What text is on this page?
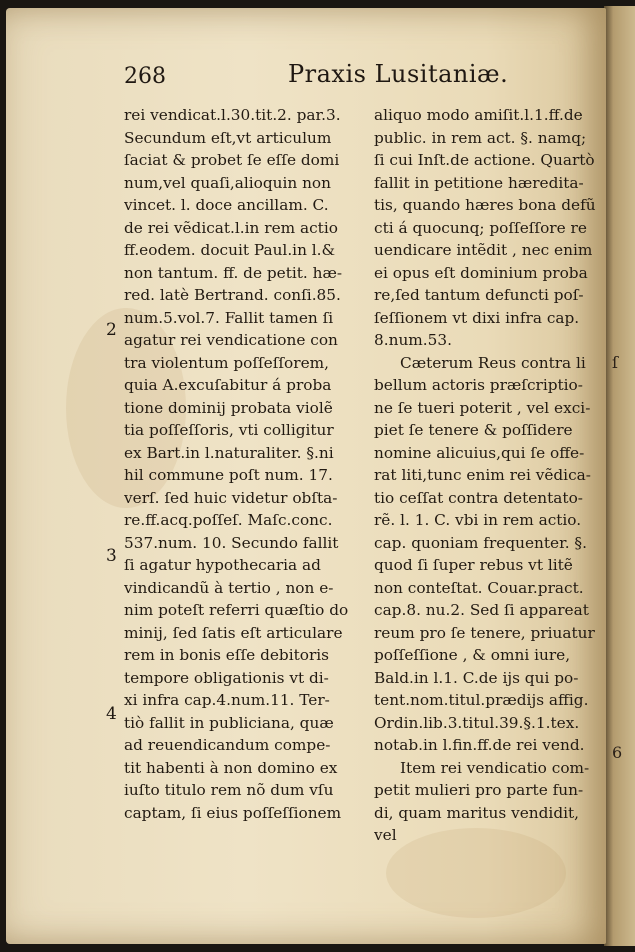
ſ
6
268	Praxis Lusitaniæ.
2
3
4
rei vendicat.l.30.tit.2. par.3.
Secundum eſt,vt articulum
ſaciat & probet ſe eſſe domi
num,vel quaſi,alioquin non
vincet. l. doce ancillam. C.
de rei vẽdicat.l.in rem actio
ff.eodem. docuit Paul.in l.&
non tantum. ff. de petit. hæ-
red. latè Bertrand. conſi.85.
num.5.vol.7. Fallit tamen ſi
agatur rei vendicatione con
tra violentum poſſeſſorem,
quia A.excuſabitur á proba
tione dominij probata violẽ
tia poſſeſſoris, vti colligitur
ex Bart.in l.naturaliter. §.ni
hil commune poſt num. 17.
verſ. ſed huic videtur obſta-
re.ff.acq.poſſeſ. Maſc.conc.
537.num. 10. Secundo fallit
ſi agatur hypothecaria ad
vindicandũ à tertio , non e-
nim poteſt referri quæſtio do
minij, ſed ſatis eſt articulare
rem in bonis eſſe debitoris
tempore obligationis vt di-
xi infra cap.4.num.11. Ter-
tiò fallit in publiciana, quæ
ad reuendicandum compe-
tit habenti à non domino ex
iuſto titulo rem nõ dum vſu
captam, ſi eius poſſeſſionem
aliquo modo amiſit.l.1.ff.de
public. in rem act. §. namq;
ſi cui Inſt.de actione. Quartò
fallit in petitione hæredita-
tis, quando hæres bona defũ
cti á quocunq; poſſeſſore re
uendicare intẽdit , nec enim
ei opus eſt dominium proba
re,ſed tantum defuncti poſ-
ſeſſionem vt dixi infra cap.
8.num.53.
Cæterum Reus contra li
bellum actoris præſcriptio-
ne ſe tueri poterit , vel exci-
piet ſe tenere & poſſidere
nomine alicuius,qui ſe offe-
rat liti,tunc enim rei vẽdica-
tio ceſſat contra detentato-
rẽ. l. 1. C. vbi in rem actio.
cap. quoniam frequenter. §.
quod ſi ſuper rebus vt litẽ
non conteſtat. Couar.pract.
cap.8. nu.2. Sed ſi appareat
reum pro ſe tenere, priuatur
poſſeſſione , & omni iure,
Bald.in l.1. C.de ijs qui po-
tent.nom.titul.prædijs affig.
Ordin.lib.3.titul.39.§.1.tex.
notab.in l.fin.ff.de rei vend.
Item rei vendicatio com-
petit mulieri pro parte fun-
di, quam maritus vendidit,
vel
